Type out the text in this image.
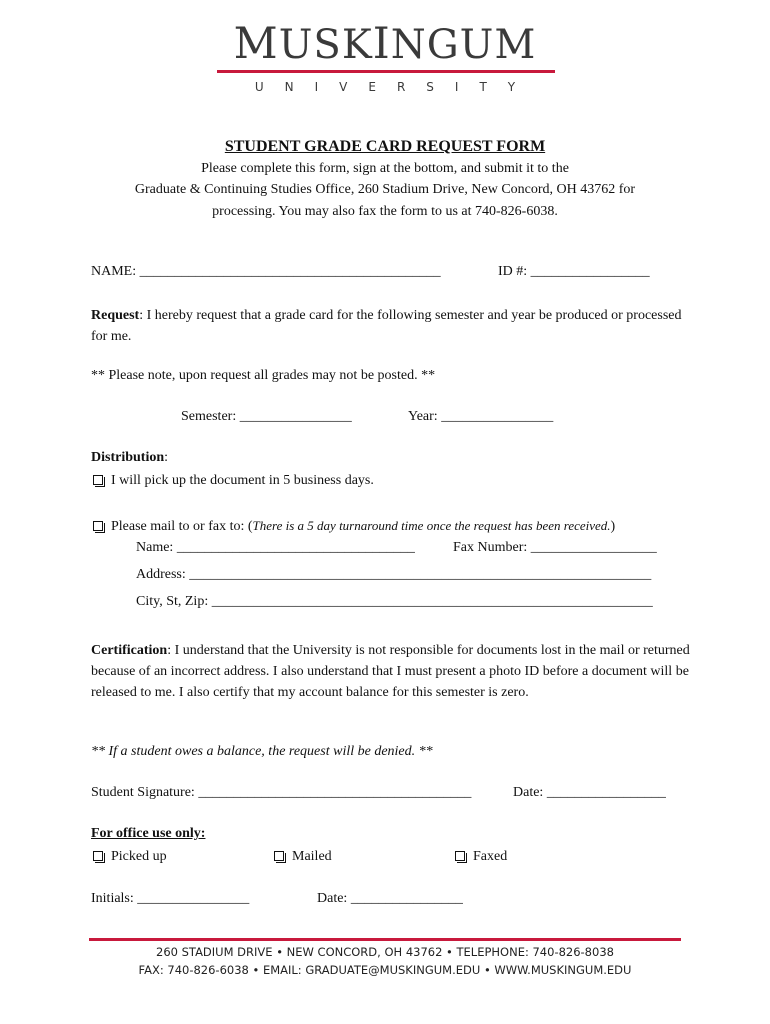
MUSKINGUM
UNIVERSITY
STUDENT GRADE CARD REQUEST FORM
Please complete this form, sign at the bottom, and submit it to the
Graduate & Continuing Studies Office, 260 Stadium Drive, New Concord, OH 43762 for
processing. You may also fax the form to us at 740-826-6038.
NAME: ___________________________________________	ID #: _________________
Request: I hereby request that a grade card for the following semester and year be produced or processed for me.
** Please note, upon request all grades may not be posted. **
Semester: ________________	Year: ________________
Distribution:
I will pick up the document in 5 business days.
Please mail to or fax to: (There is a 5 day turnaround time once the request has been received.)
Name: __________________________________	Fax Number: __________________
Address: __________________________________________________________________
City, St, Zip: _______________________________________________________________
Certification: I understand that the University is not responsible for documents lost in the mail or returned because of an incorrect address. I also understand that I must present a photo ID before a document will be released to me. I also certify that my account balance for this semester is zero.
** If a student owes a balance, the request will be denied. **
Student Signature: _______________________________________	Date: _________________
For office use only:
Picked up	Mailed	Faxed
Initials: ________________	Date: ________________
260 STADIUM DRIVE • NEW CONCORD, OH 43762 • TELEPHONE: 740-826-8038
FAX: 740-826-6038 • EMAIL: GRADUATE@MUSKINGUM.EDU • WWW.MUSKINGUM.EDU
